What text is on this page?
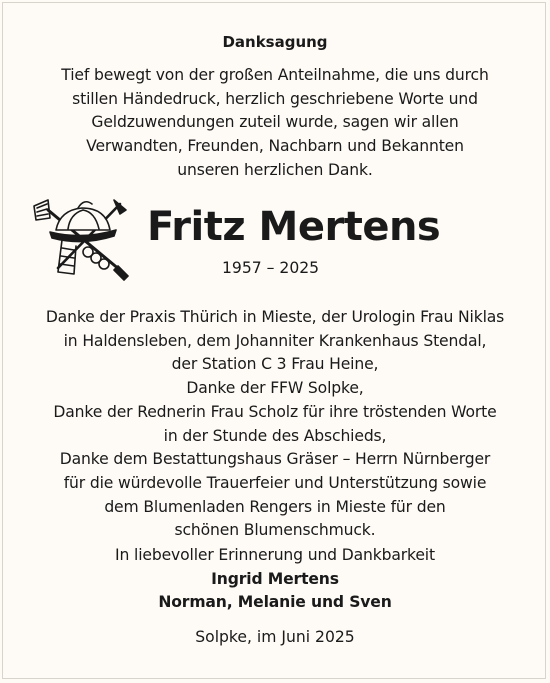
Danksagung
Tief bewegt von der großen Anteilnahme, die uns durch
stillen Händedruck, herzlich geschriebene Worte und
Geldzuwendungen zuteil wurde, sagen wir allen
Verwandten, Freunden, Nachbarn und Bekannten
unseren herzlichen Dank.
Fritz Mertens
1957 – 2025
Danke der Praxis Thürich in Mieste, der Urologin Frau Niklas
in Haldensleben, dem Johanniter Krankenhaus Stendal,
der Station C 3 Frau Heine,
Danke der FFW Solpke,
Danke der Rednerin Frau Scholz für ihre tröstenden Worte
in der Stunde des Abschieds,
Danke dem Bestattungshaus Gräser – Herrn Nürnberger
für die würdevolle Trauerfeier und Unterstützung sowie
dem Blumenladen Rengers in Mieste für den
schönen Blumenschmuck.
In liebevoller Erinnerung und Dankbarkeit
Ingrid Mertens
Norman, Melanie und Sven
Solpke, im Juni 2025
